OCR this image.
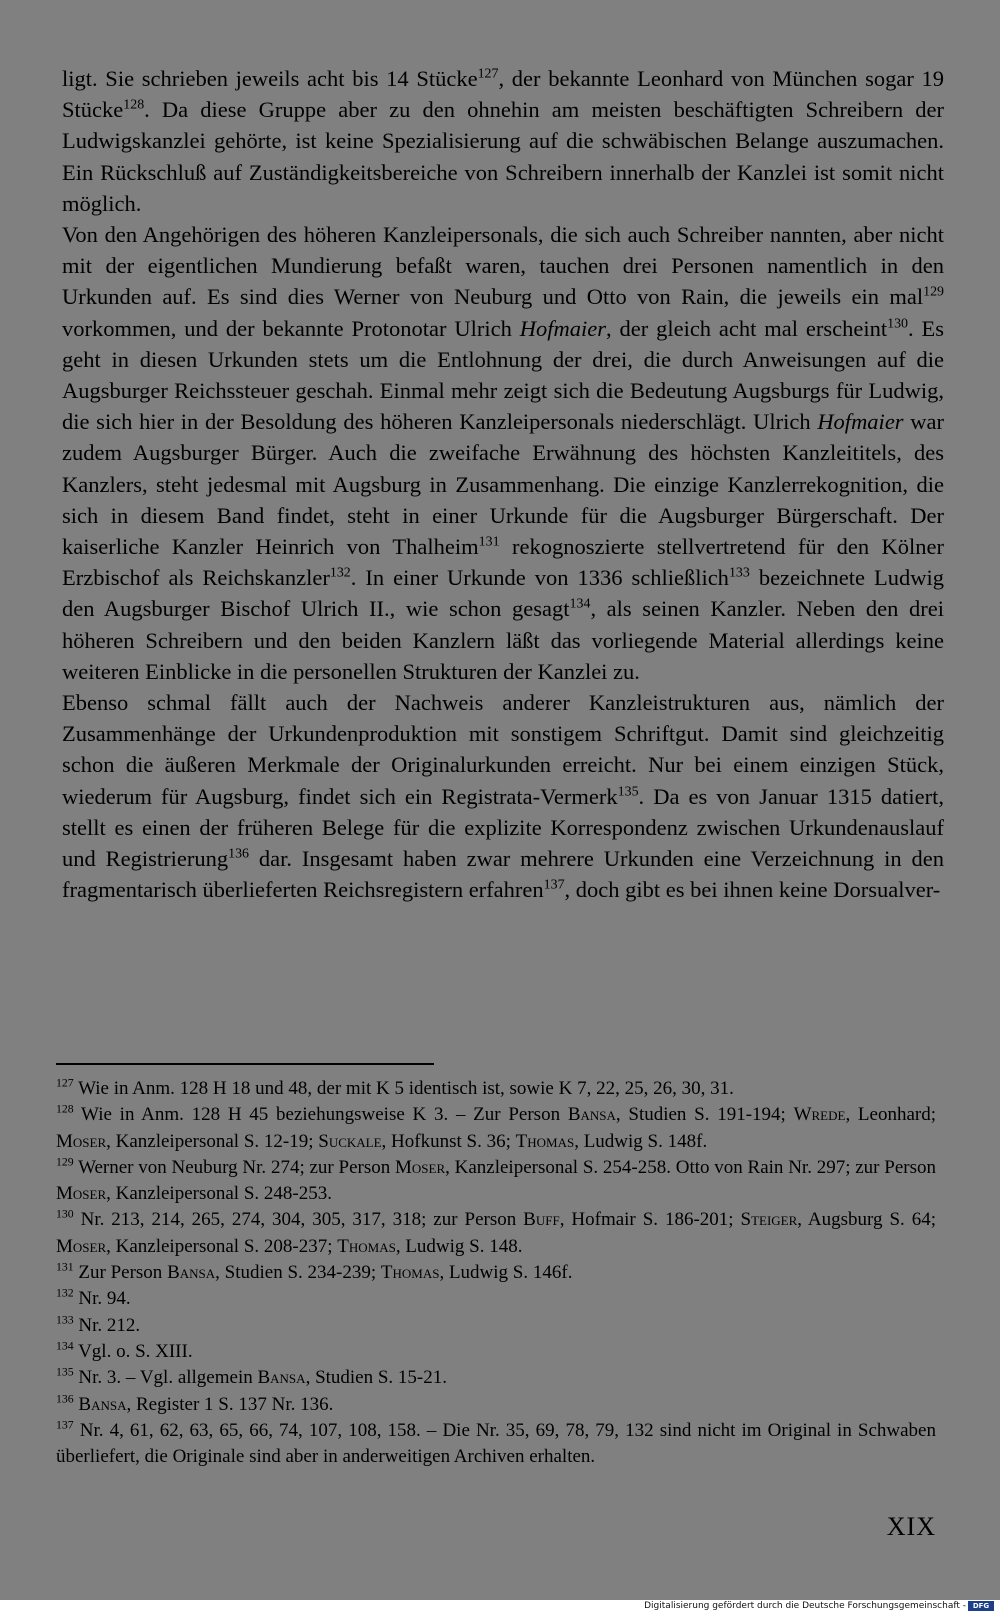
ligt. Sie schrieben jeweils acht bis 14 Stücke$^{127}$, der bekannte Leonhard von München sogar 19 Stücke$^{128}$. Da diese Gruppe aber zu den ohnehin am meisten beschäftigten Schreibern der Ludwigskanzlei gehörte, ist keine Spezialisierung auf die schwäbischen Belange auszumachen. Ein Rückschluß auf Zuständigkeitsbereiche von Schreibern innerhalb der Kanzlei ist somit nicht möglich.

Von den Angehörigen des höheren Kanzleipersonals, die sich auch Schreiber nannten, aber nicht mit der eigentlichen Mundierung befaßt waren, tauchen drei Personen namentlich in den Urkunden auf. Es sind dies Werner von Neuburg und Otto von Rain, die jeweils ein mal$^{129}$ vorkommen, und der bekannte Protonotar Ulrich Hofmaier, der gleich acht mal erscheint$^{130}$. Es geht in diesen Urkunden stets um die Entlohnung der drei, die durch Anweisungen auf die Augsburger Reichssteuer geschah. Einmal mehr zeigt sich die Bedeutung Augsburgs für Ludwig, die sich hier in der Besoldung des höheren Kanzleipersonals niederschlägt. Ulrich Hofmaier war zudem Augsburger Bürger. Auch die zweifache Erwähnung des höchsten Kanzleititels, des Kanzlers, steht jedesmal mit Augsburg in Zusammenhang. Die einzige Kanzlerrekognition, die sich in diesem Band findet, steht in einer Urkunde für die Augsburger Bürgerschaft. Der kaiserliche Kanzler Heinrich von Thalheim$^{131}$ rekognoszierte stellvertretend für den Kölner Erzbischof als Reichskanzler$^{132}$. In einer Urkunde von 1336 schließlich$^{133}$ bezeichnete Ludwig den Augsburger Bischof Ulrich II., wie schon gesagt$^{134}$, als seinen Kanzler. Neben den drei höheren Schreibern und den beiden Kanzlern läßt das vorliegende Material allerdings keine weiteren Einblicke in die personellen Strukturen der Kanzlei zu.

Ebenso schmal fällt auch der Nachweis anderer Kanzleistrukturen aus, nämlich der Zusammenhänge der Urkundenproduktion mit sonstigem Schriftgut. Damit sind gleichzeitig schon die äußeren Merkmale der Originalurkunden erreicht. Nur bei einem einzigen Stück, wiederum für Augsburg, findet sich ein Registrata-Vermerk$^{135}$. Da es von Januar 1315 datiert, stellt es einen der früheren Belege für die explizite Korrespondenz zwischen Urkundenauslauf und Registrierung$^{136}$ dar. Insgesamt haben zwar mehrere Urkunden eine Verzeichnung in den fragmentarisch überlieferten Reichsregistern erfahren$^{137}$, doch gibt es bei ihnen keine Dorsualver-

$^{127}$ Wie in Anm. 128 H 18 und 48, der mit K 5 identisch ist, sowie K 7, 22, 25, 26, 30, 31.

$^{128}$ Wie in Anm. 128 H 45 beziehungsweise K 3. – Zur Person Bansa, Studien S. 191-194; Wrede, Leonhard; Moser, Kanzleipersonal S. 12-19; Suckale, Hofkunst S. 36; Thomas, Ludwig S. 148f.

$^{129}$ Werner von Neuburg Nr. 274; zur Person Moser, Kanzleipersonal S. 254-258. Otto von Rain Nr. 297; zur Person Moser, Kanzleipersonal S. 248-253.

$^{130}$ Nr. 213, 214, 265, 274, 304, 305, 317, 318; zur Person Buff, Hofmair S. 186-201; Steiger, Augsburg S. 64; Moser, Kanzleipersonal S. 208-237; Thomas, Ludwig S. 148.

$^{131}$ Zur Person Bansa, Studien S. 234-239; Thomas, Ludwig S. 146f.

$^{132}$ Nr. 94.

$^{133}$ Nr. 212.

$^{134}$ Vgl. o. S. XIII.

$^{135}$ Nr. 3. – Vgl. allgemein Bansa, Studien S. 15-21.

$^{136}$ Bansa, Register 1 S. 137 Nr. 136.

$^{137}$ Nr. 4, 61, 62, 63, 65, 66, 74, 107, 108, 158. – Die Nr. 35, 69, 78, 79, 132 sind nicht im Original in Schwaben überliefert, die Originale sind aber in anderweitigen Archiven erhalten.

XIX
Digitalisierung gefördert durch die Deutsche Forschungsgemeinschaft - DFG
